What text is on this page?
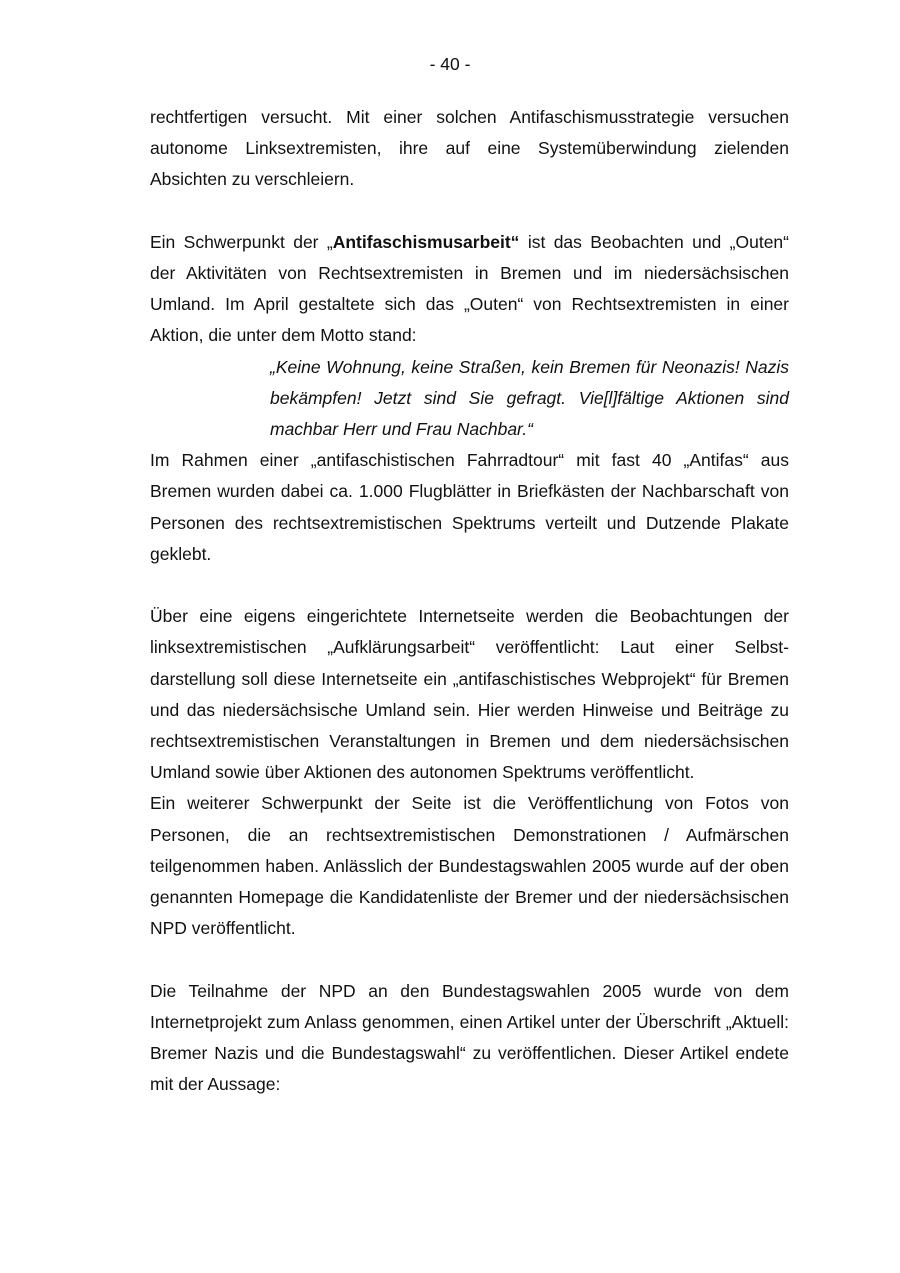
- 40 -

rechtfertigen versucht. Mit einer solchen Antifaschismusstrategie versuchen autonome Linksextremisten, ihre auf eine Systemüberwindung zielenden Absichten zu verschleiern.

Ein Schwerpunkt der „Antifaschismusarbeit“ ist das Beobachten und „Outen“ der Aktivitäten von Rechtsextremisten in Bremen und im niedersächsischen Umland. Im April gestaltete sich das „Outen“ von Rechtsextremisten in einer Aktion, die unter dem Motto stand:

„Keine Wohnung, keine Straßen, kein Bremen für Neonazis! Nazis bekämpfen! Jetzt sind Sie gefragt. Vie[l]fältige Aktionen sind machbar Herr und Frau Nachbar.“

Im Rahmen einer „antifaschistischen Fahrradtour“ mit fast 40 „Antifas“ aus Bremen wurden dabei ca. 1.000 Flugblätter in Briefkästen der Nachbarschaft von Personen des rechtsextremistischen Spektrums verteilt und Dutzende Plakate geklebt.

Über eine eigens eingerichtete Internetseite werden die Beobachtungen der linksextremistischen „Aufklärungsarbeit“ veröffentlicht: Laut einer Selbst-darstellung soll diese Internetseite ein „antifaschistisches Webprojekt“ für Bremen und das niedersächsische Umland sein. Hier werden Hinweise und Beiträge zu rechtsextremistischen Veranstaltungen in Bremen und dem niedersächsischen Umland sowie über Aktionen des autonomen Spektrums veröffentlicht.

Ein weiterer Schwerpunkt der Seite ist die Veröffentlichung von Fotos von Personen, die an rechtsextremistischen Demonstrationen / Aufmärschen teilgenommen haben. Anlässlich der Bundestagswahlen 2005 wurde auf der oben genannten Homepage die Kandidatenliste der Bremer und der niedersächsischen NPD veröffentlicht.

Die Teilnahme der NPD an den Bundestagswahlen 2005 wurde von dem Internetprojekt zum Anlass genommen, einen Artikel unter der Überschrift „Aktuell: Bremer Nazis und die Bundestagswahl“ zu veröffentlichen. Dieser Artikel endete mit der Aussage:
